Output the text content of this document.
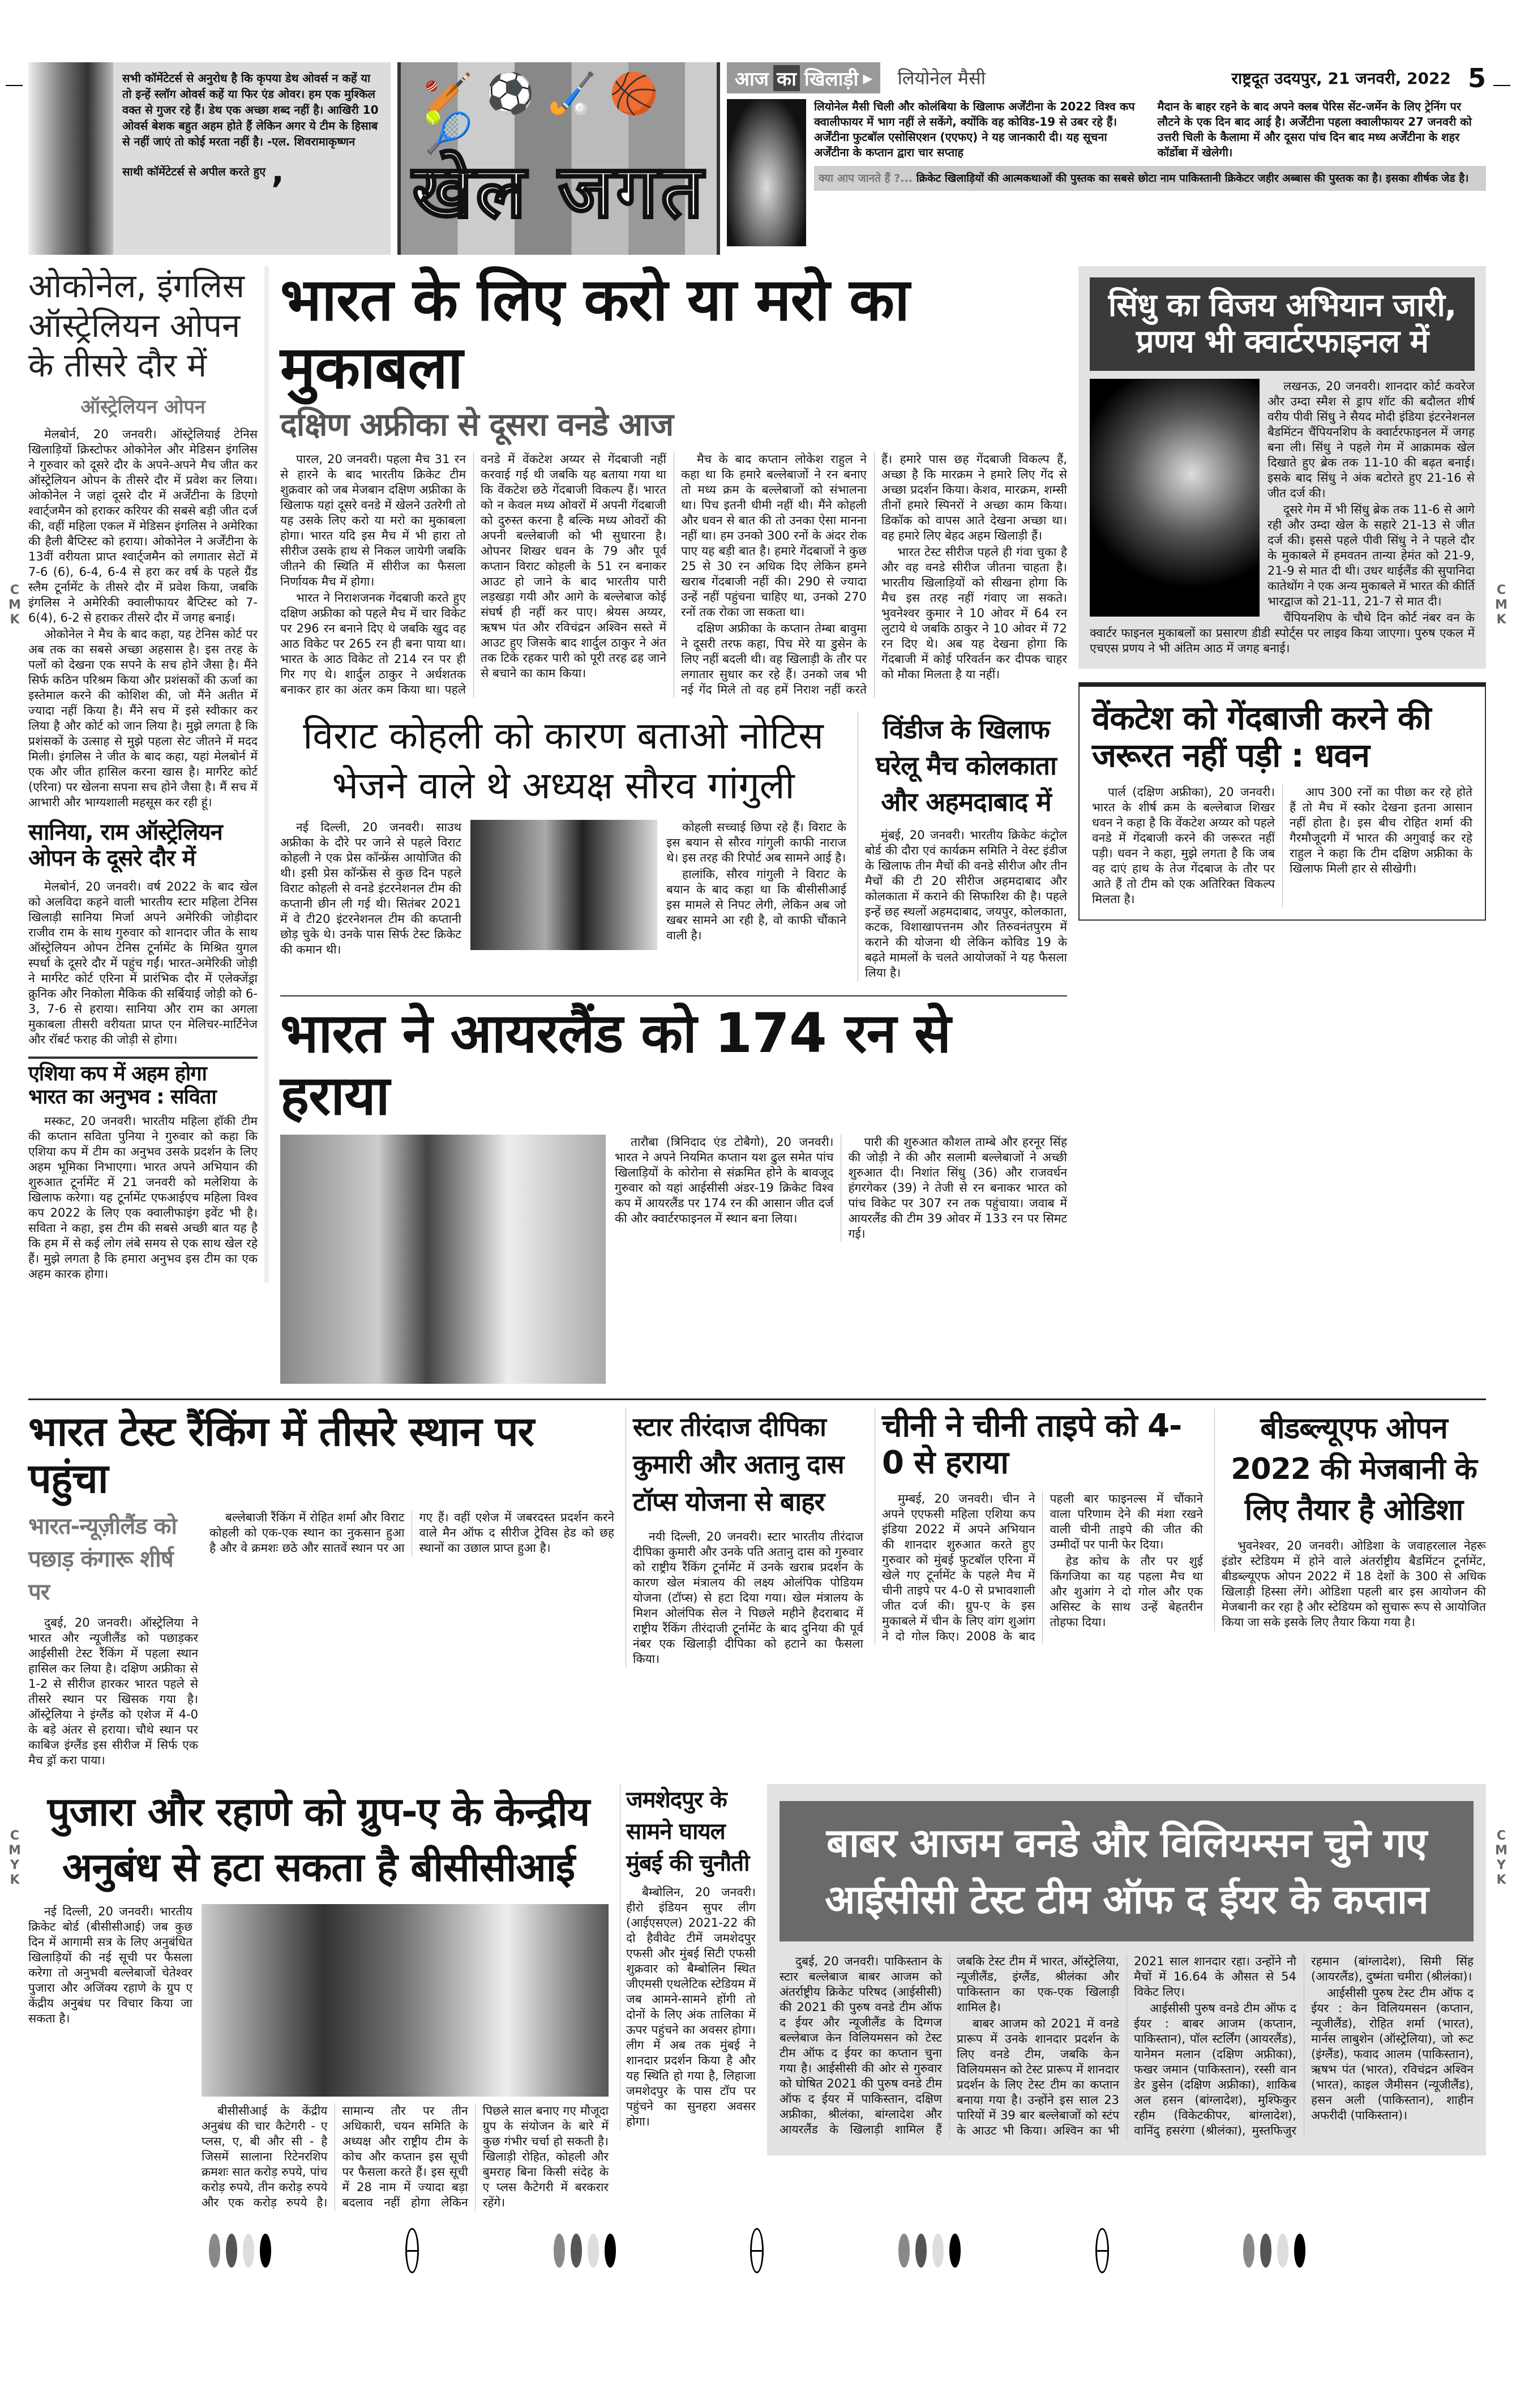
C
M
K
C
M
K
C
M
Y
K
C
M
Y
K
सभी कॉमेंटेटर्स से अनुरोध है कि कृपया डेथ ओवर्स न कहें या तो इन्हें स्लॉग ओवर्स कहें या फिर एंड ओवर। हम एक मुश्किल वक्त से गुजर रहे हैं। डेथ एक अच्छा शब्द नहीं है। आखिरी 10 ओवर्स बेशक बहुत अहम होते हैं लेकिन अगर ये टीम के हिसाब से नहीं जाएं तो कोई मरता नहीं है। -एल. शिवरामाकृष्णन
साथी कॉमेंटेटर्स से अपील करते हुए ,
🏏 ⚽ 🏑 🏀 🎾
खेल जगत
आज का खिलाड़ी ▸ लियोनेल मैसी	राष्ट्रदूत उदयपुर, 21 जनवरी, 2022 5
लियोनेल मैसी चिली और कोलंबिया के खिलाफ अर्जेंटीना के 2022 विश्व कप क्वालीफायर में भाग नहीं ले सकेंगे, क्योंकि वह कोविड-19 से उबर रहे हैं। अर्जेंटीना फुटबॉल एसोसिएशन (एएफए) ने यह जानकारी दी। यह सूचना अर्जेंटीना के कप्तान द्वारा चार सप्ताह
मैदान के बाहर रहने के बाद अपने क्लब पेरिस सेंट-जर्मेन के लिए ट्रेनिंग पर लौटने के एक दिन बाद आई है। अर्जेंटीना पहला क्वालीफायर 27 जनवरी को उत्तरी चिली के कैलामा में और दूसरा पांच दिन बाद मध्य अर्जेंटीना के शहर कॉर्डोबा में खेलेगी।
क्या आप जानते हैं ?... क्रिकेट खिलाड़ियों की आत्मकथाओं की पुस्तक का सबसे छोटा नाम पाकिस्तानी क्रिकेटर जहीर अब्बास की पुस्तक का है। इसका शीर्षक जेड है।
ओकोनेल, इंगलिस ऑस्ट्रेलियन ओपन के तीसरे दौर में
ऑस्ट्रेलियन ओपन

मेलबोर्न, 20 जनवरी। ऑस्ट्रेलियाई टेनिस खिलाड़ियों क्रिस्टोफर ओकोनेल और मेडिसन इंगलिस ने गुरुवार को दूसरे दौर के अपने-अपने मैच जीत कर ऑस्ट्रेलियन ओपन के तीसरे दौर में प्रवेश कर लिया। ओकोनेल ने जहां दूसरे दौर में अर्जेंटीना के डिएगो श्वार्ट्जमैन को हराकर करियर की सबसे बड़ी जीत दर्ज की, वहीं महिला एकल में मेडिसन इंगलिस ने अमेरिका की हैली बैप्टिस्ट को हराया। ओकोनेल ने अर्जेंटीना के 13वीं वरीयता प्राप्त श्वार्ट्जमैन को लगातार सेटों में 7-6 (6), 6-4, 6-4 से हरा कर वर्ष के पहले ग्रैंड स्लैम टूर्नामेंट के तीसरे दौर में प्रवेश किया, जबकि इंगलिस ने अमेरिकी क्वालीफायर बैप्टिस्ट को 7-6(4), 6-2 से हराकर तीसरे दौर में जगह बनाई।

ओकोनेल ने मैच के बाद कहा, यह टेनिस कोर्ट पर अब तक का सबसे अच्छा अहसास है। इस तरह के पलों को देखना एक सपने के सच होने जैसा है। मैंने सिर्फ कठिन परिश्रम किया और प्रशंसकों की ऊर्जा का इस्तेमाल करने की कोशिश की, जो मैंने अतीत में ज्यादा नहीं किया है। मैंने सच में इसे स्वीकार कर लिया है और कोर्ट को जान लिया है। मुझे लगता है कि प्रशंसकों के उत्साह से मुझे पहला सेट जीतने में मदद मिली। इंगलिस ने जीत के बाद कहा, यहां मेलबोर्न में एक और जीत हासिल करना खास है। मार्गरेट कोर्ट (एरिना) पर खेलना सपना सच होने जैसा है। मैं सच में आभारी और भाग्यशाली महसूस कर रही हूं।

सानिया, राम ऑस्ट्रेलियन ओपन के दूसरे दौर में

मेलबोर्न, 20 जनवरी। वर्ष 2022 के बाद खेल को अलविदा कहने वाली भारतीय स्टार महिला टेनिस खिलाड़ी सानिया मिर्जा अपने अमेरिकी जोड़ीदार राजीव राम के साथ गुरुवार को शानदार जीत के साथ ऑस्ट्रेलियन ओपन टेनिस टूर्नामेंट के मिश्रित युगल स्पर्धा के दूसरे दौर में पहुंच गईं। भारत-अमेरिकी जोड़ी ने मार्गरेट कोर्ट एरिना में प्रारंभिक दौर में एलेक्जेंड्रा क्रुनिक और निकोला मैकिक की सर्बियाई जोड़ी को 6-3, 7-6 से हराया। सानिया और राम का अगला मुकाबला तीसरी वरीयता प्राप्त एन मेलिचर-मार्टिनेज और रॉबर्ट फराह की जोड़ी से होगा।

एशिया कप में अहम होगा
भारत का अनुभव : सविता

मस्कट, 20 जनवरी। भारतीय महिला हॉकी टीम की कप्तान सविता पुनिया ने गुरुवार को कहा कि एशिया कप में टीम का अनुभव उसके प्रदर्शन के लिए अहम भूमिका निभाएगा। भारत अपने अभियान की शुरुआत टूर्नामेंट में 21 जनवरी को मलेशिया के खिलाफ करेगा। यह टूर्नामेंट एफआईएच महिला विश्व कप 2022 के लिए एक क्वालीफाइंग इवेंट भी है। सविता ने कहा, इस टीम की सबसे अच्छी बात यह है कि हम में से कई लोग लंबे समय से एक साथ खेल रहे हैं। मुझे लगता है कि हमारा अनुभव इस टीम का एक अहम कारक होगा।

भारत के लिए करो या मरो का मुकाबला
दक्षिण अफ्रीका से दूसरा वनडे आज

पारल, 20 जनवरी। पहला मैच 31 रन से हारने के बाद भारतीय क्रिकेट टीम शुक्रवार को जब मेजबान दक्षिण अफ्रीका के खिलाफ यहां दूसरे वनडे में खेलने उतरेगी तो यह उसके लिए करो या मरो का मुकाबला होगा। भारत यदि इस मैच में भी हारा तो सीरीज उसके हाथ से निकल जायेगी जबकि जीतने की स्थिति में सीरीज का फैसला निर्णायक मैच में होगा।

भारत ने निराशजनक गेंदबाजी करते हुए दक्षिण अफ्रीका को पहले मैच में चार विकेट पर 296 रन बनाने दिए थे जबकि खुद वह आठ विकेट पर 265 रन ही बना पाया था। भारत के आठ विकेट तो 214 रन पर ही गिर गए थे। शार्दुल ठाकुर ने अर्धशतक बनाकर हार का अंतर कम किया था। पहले वनडे में वेंकटेश अय्यर से गेंदबाजी नहीं करवाई गई थी जबकि यह बताया गया था कि वेंकटेश छठे गेंदबाजी विकल्प हैं। भारत को न केवल मध्य ओवरों में अपनी गेंदबाजी को दुरुस्त करना है बल्कि मध्य ओवरों की अपनी बल्लेबाजी को भी सुधारना है। ओपनर शिखर धवन के 79 और पूर्व कप्तान विराट कोहली के 51 रन बनाकर आउट हो जाने के बाद भारतीय पारी लड़खड़ा गयी और आगे के बल्लेबाज कोई संघर्ष ही नहीं कर पाए। श्रेयस अय्यर, ऋषभ पंत और रविचंद्रन अश्विन सस्ते में आउट हुए जिसके बाद शार्दुल ठाकुर ने अंत तक टिके रहकर पारी को पूरी तरह ढह जाने से बचाने का काम किया।

मैच के बाद कप्तान लोकेश राहुल ने कहा था कि हमारे बल्लेबाजों ने रन बनाए तो मध्य क्रम के बल्लेबाजों को संभालना था। पिच इतनी धीमी नहीं थी। मैंने कोहली और धवन से बात की तो उनका ऐसा मानना नहीं था। हम उनको 300 रनों के अंदर रोक पाए यह बड़ी बात है। हमारे गेंदबाजों ने कुछ 25 से 30 रन अधिक दिए लेकिन हमने खराब गेंदबाजी नहीं की। 290 से ज्यादा उन्हें नहीं पहुंचना चाहिए था, उनको 270 रनों तक रोका जा सकता था।

दक्षिण अफ्रीका के कप्तान तेम्बा बावुमा ने दूसरी तरफ कहा, पिच मेरे या डुसेन के लिए नहीं बदली थी। वह खिलाड़ी के तौर पर लगातार सुधार कर रहे हैं। उनको जब भी नई गेंद मिले तो वह हमें निराश नहीं करते हैं। हमारे पास छह गेंदबाजी विकल्प हैं, अच्छा है कि मारक्रम ने हमारे लिए गेंद से अच्छा प्रदर्शन किया। केशव, मारक्रम, शम्सी तीनों हमारे स्पिनरों ने अच्छा काम किया। डिकॉक को वापस आते देखना अच्छा था। वह हमारे लिए बेहद अहम खिलाड़ी हैं।

भारत टेस्ट सीरीज पहले ही गंवा चुका है और वह वनडे सीरीज जीतना चाहता है। भारतीय खिलाड़ियों को सीखना होगा कि मैच इस तरह नहीं गंवाए जा सकते। भुवनेश्वर कुमार ने 10 ओवर में 64 रन लुटाये थे जबकि ठाकुर ने 10 ओवर में 72 रन दिए थे। अब यह देखना होगा कि गेंदबाजी में कोई परिवर्तन कर दीपक चाहर को मौका मिलता है या नहीं।

विराट कोहली को कारण बताओ नोटिस भेजने वाले थे अध्यक्ष सौरव गांगुली

नई दिल्ली, 20 जनवरी। साउथ अफ्रीका के दौरे पर जाने से पहले विराट कोहली ने एक प्रेस कॉन्फ्रेंस आयोजित की थी। इसी प्रेस कॉन्फ्रेंस से कुछ दिन पहले विराट कोहली से वनडे इंटरनेशनल टीम की कप्तानी छीन ली गई थी। सितंबर 2021 में वे टी20 इंटरनेशनल टीम की कप्तानी छोड़ चुके थे। उनके पास सिर्फ टेस्ट क्रिकेट की कमान थी।

कोहली सच्चाई छिपा रहे हैं। विराट के इस बयान से सौरव गांगुली काफी नाराज थे। इस तरह की रिपोर्ट अब सामने आई है।

हालांकि, सौरव गांगुली ने विराट के बयान के बाद कहा था कि बीसीसीआई इस मामले से निपट लेगी, लेकिन अब जो खबर सामने आ रही है, वो काफी चौंकाने वाली है।

विंडीज के खिलाफ घरेलू मैच कोलकाता और अहमदाबाद में

मुंबई, 20 जनवरी। भारतीय क्रिकेट कंट्रोल बोर्ड की दौरा एवं कार्यक्रम समिति ने वेस्ट इंडीज के खिलाफ तीन मैचों की वनडे सीरीज और तीन मैचों की टी 20 सीरीज अहमदाबाद और कोलकाता में कराने की सिफारिश की है। पहले इन्हें छह स्थलों अहमदाबाद, जयपुर, कोलकाता, कटक, विशाखापत्तनम और तिरुवनंतपुरम में कराने की योजना थी लेकिन कोविड 19 के बढ़ते मामलों के चलते आयोजकों ने यह फैसला लिया है।

भारत ने आयरलैंड को 174 रन से हराया

तारौबा (त्रिनिदाद एंड टोबैगो), 20 जनवरी। भारत ने अपने नियमित कप्तान यश ढुल समेत पांच खिलाड़ियों के कोरोना से संक्रमित होने के बावजूद गुरुवार को यहां आईसीसी अंडर-19 क्रिकेट विश्व कप में आयरलैंड पर 174 रन की आसान जीत दर्ज की और क्वार्टरफाइनल में स्थान बना लिया।

पारी की शुरुआत कौशल ताम्बे और हरनूर सिंह की जोड़ी ने की और सलामी बल्लेबाजों ने अच्छी शुरुआत दी। निशांत सिंधु (36) और राजवर्धन हंगरगेकर (39) ने तेजी से रन बनाकर भारत को पांच विकेट पर 307 रन तक पहुंचाया। जवाब में आयरलैंड की टीम 39 ओवर में 133 रन पर सिमट गई।

सिंधु का विजय अभियान जारी, प्रणय भी क्वार्टरफाइनल में

लखनऊ, 20 जनवरी। शानदार कोर्ट कवरेज और उम्दा स्मैश से ड्राप शॉट की बदौलत शीर्ष वरीय पीवी सिंधु ने सैयद मोदी इंडिया इंटरनेशनल बैडमिंटन चैंपियनशिप के क्वार्टरफाइनल में जगह बना ली। सिंधु ने पहले गेम में आक्रामक खेल दिखाते हुए ब्रेक तक 11-10 की बढ़त बनाई। इसके बाद सिंधु ने अंक बटोरते हुए 21-16 से जीत दर्ज की।

दूसरे गेम में भी सिंधु ब्रेक तक 11-6 से आगे रही और उम्दा खेल के सहारे 21-13 से जीत दर्ज की। इससे पहले पीवी सिंधु ने ने पहले दौर के मुकाबले में हमवतन तान्या हेमंत को 21-9, 21-9 से मात दी थी। उधर थाईलैंड की सुपानिदा कातेथोंग ने एक अन्य मुकाबले में भारत की कीर्ति भारद्वाज को 21-11, 21-7 से मात दी।

चैंपियनशिप के चौथे दिन कोर्ट नंबर वन के क्वार्टर फाइनल मुकाबलों का प्रसारण डीडी स्पोर्ट्स पर लाइव किया जाएगा। पुरुष एकल में एचएस प्रणय ने भी अंतिम आठ में जगह बनाई।

वेंकटेश को गेंदबाजी करने की जरूरत नहीं पड़ी : धवन

पार्ल (दक्षिण अफ्रीका), 20 जनवरी। भारत के शीर्ष क्रम के बल्लेबाज शिखर धवन ने कहा है कि वेंकटेश अय्यर को पहले वनडे में गेंदबाजी करने की जरूरत नहीं पड़ी। धवन ने कहा, मुझे लगता है कि जब वह दाएं हाथ के तेज गेंदबाज के तौर पर आते हैं तो टीम को एक अतिरिक्त विकल्प मिलता है।

आप 300 रनों का पीछा कर रहे होते हैं तो मैच में स्कोर देखना इतना आसान नहीं होता है। इस बीच रोहित शर्मा की गैरमौजूदगी में भारत की अगुवाई कर रहे राहुल ने कहा कि टीम दक्षिण अफ्रीका के खिलाफ मिली हार से सीखेगी।

भारत टेस्ट रैंकिंग में तीसरे स्थान पर पहुंचा
भारत-न्यूज़ीलैंड को पछाड़ कंगारू शीर्ष पर

दुबई, 20 जनवरी। ऑस्ट्रेलिया ने भारत और न्यूजीलैंड को पछाड़कर आईसीसी टेस्ट रैंकिंग में पहला स्थान हासिल कर लिया है। दक्षिण अफ्रीका से 1-2 से सीरीज हारकर भारत पहले से तीसरे स्थान पर खिसक गया है। ऑस्ट्रेलिया ने इंग्लैंड को एशेज में 4-0 के बड़े अंतर से हराया। चौथे स्थान पर काबिज इंग्लैंड इस सीरीज में सिर्फ एक मैच ड्रॉ करा पाया।

बल्लेबाजी रैंकिंग में रोहित शर्मा और विराट कोहली को एक-एक स्थान का नुकसान हुआ है और वे क्रमशः छठे और सातवें स्थान पर आ गए हैं। वहीं एशेज में जबरदस्त प्रदर्शन करने वाले मैन ऑफ द सीरीज ट्रेविस हेड को छह स्थानों का उछाल प्राप्त हुआ है।

स्टार तीरंदाज दीपिका कुमारी और अतानु दास टॉप्स योजना से बाहर

नयी दिल्ली, 20 जनवरी। स्टार भारतीय तीरंदाज दीपिका कुमारी और उनके पति अतानु दास को गुरुवार को राष्ट्रीय रैंकिंग टूर्नामेंट में उनके खराब प्रदर्शन के कारण खेल मंत्रालय की लक्ष्य ओलंपिक पोडियम योजना (टॉप्स) से हटा दिया गया। खेल मंत्रालय के मिशन ओलंपिक सेल ने पिछले महीने हैदराबाद में राष्ट्रीय रैंकिंग तीरंदाजी टूर्नामेंट के बाद दुनिया की पूर्व नंबर एक खिलाड़ी दीपिका को हटाने का फैसला किया।

चीनी ने चीनी ताइपे को 4-0 से हराया

मुम्बई, 20 जनवरी। चीन ने अपने एएफसी महिला एशिया कप इंडिया 2022 में अपने अभियान की शानदार शुरुआत करते हुए गुरुवार को मुंबई फुटबॉल एरिना में खेले गए टूर्नामेंट के पहले मैच में चीनी ताइपे पर 4-0 से प्रभावशाली जीत दर्ज की। ग्रुप-ए के इस मुकाबले में चीन के लिए वांग शुआंग ने दो गोल किए। 2008 के बाद पहली बार फाइनल्स में चौंकाने वाला परिणाम देने की मंशा रखने वाली चीनी ताइपे की जीत की उम्मीदों पर पानी फेर दिया।

हेड कोच के तौर पर शुई किंगजिया का यह पहला मैच था और शुआंग ने दो गोल और एक असिस्ट के साथ उन्हें बेहतरीन तोहफा दिया।

बीडब्ल्यूएफ ओपन 2022 की मेजबानी के लिए तैयार है ओडिशा

भुवनेश्वर, 20 जनवरी। ओडिशा के जवाहरलाल नेहरू इंडोर स्टेडियम में होने वाले अंतर्राष्ट्रीय बैडमिंटन टूर्नामेंट, बीडब्ल्यूएफ ओपन 2022 में 18 देशों के 300 से अधिक खिलाड़ी हिस्सा लेंगे। ओडिशा पहली बार इस आयोजन की मेजबानी कर रहा है और स्टेडियम को सुचारू रूप से आयोजित किया जा सके इसके लिए तैयार किया गया है।

पुजारा और रहाणे को ग्रुप-ए के केन्द्रीय अनुबंध से हटा सकता है बीसीसीआई

नई दिल्ली, 20 जनवरी। भारतीय क्रिकेट बोर्ड (बीसीसीआई) जब कुछ दिन में आगामी सत्र के लिए अनुबंधित खिलाड़ियों की नई सूची पर फैसला करेगा तो अनुभवी बल्लेबाजों चेतेश्वर पुजारा और अजिंक्य रहाणे के ग्रुप ए केंद्रीय अनुबंध पर विचार किया जा सकता है।

बीसीसीआई के केंद्रीय अनुबंध की चार कैटेगरी - ए प्लस, ए, बी और सी - है जिसमें सालाना रिटेनरशिप क्रमशः सात करोड़ रुपये, पांच करोड़ रुपये, तीन करोड़ रुपये और एक करोड़ रुपये है। सामान्य तौर पर तीन अधिकारी, चयन समिति के अध्यक्ष और राष्ट्रीय टीम के कोच और कप्तान इस सूची पर फैसला करते हैं। इस सूची में 28 नाम में ज्यादा बड़ा बदलाव नहीं होगा लेकिन पिछले साल बनाए गए मौजूदा ग्रुप के संयोजन के बारे में कुछ गंभीर चर्चा हो सकती है। खिलाड़ी रोहित, कोहली और बुमराह बिना किसी संदेह के ए प्लस कैटेगरी में बरकरार रहेंगे।

जमशेदपुर के सामने घायल मुंबई की चुनौती

बैम्बोलिन, 20 जनवरी। हीरो इंडियन सुपर लीग (आईएसएल) 2021-22 की दो हैवीवेट टीमें जमशेदपुर एफसी और मुंबई सिटी एफसी शुक्रवार को बैम्बोलिन स्थित जीएमसी एथलेटिक स्टेडियम में जब आमने-सामने होंगी तो दोनों के लिए अंक तालिका में ऊपर पहुंचने का अवसर होगा। लीग में अब तक मुंबई ने शानदार प्रदर्शन किया है और यह स्थिति हो गया है, लिहाजा जमशेदपुर के पास टॉप पर पहुंचने का सुनहरा अवसर होगा।

बाबर आजम वनडे और विलियम्सन चुने गए आईसीसी टेस्ट टीम ऑफ द ईयर के कप्तान

दुबई, 20 जनवरी। पाकिस्तान के स्टार बल्लेबाज बाबर आजम को अंतर्राष्ट्रीय क्रिकेट परिषद (आईसीसी) की 2021 की पुरुष वनडे टीम ऑफ द ईयर और न्यूजीलैंड के दिग्गज बल्लेबाज केन विलियमसन को टेस्ट टीम ऑफ द ईयर का कप्तान चुना गया है। आईसीसी की ओर से गुरुवार को घोषित 2021 की पुरुष वनडे टीम ऑफ द ईयर में पाकिस्तान, दक्षिण अफ्रीका, श्रीलंका, बांग्लादेश और आयरलैंड के खिलाड़ी शामिल हैं जबकि टेस्ट टीम में भारत, ऑस्ट्रेलिया, न्यूजीलैंड, इंग्लैंड, श्रीलंका और पाकिस्तान का एक-एक खिलाड़ी शामिल है।

बाबर आजम को 2021 में वनडे प्रारूप में उनके शानदार प्रदर्शन के लिए वनडे टीम, जबकि केन विलियमसन को टेस्ट प्रारूप में शानदार प्रदर्शन के लिए टेस्ट टीम का कप्तान बनाया गया है। उन्होंने इस साल 23 पारियों में 39 बार बल्लेबाजों को स्टंप के आउट भी किया। अश्विन का भी 2021 साल शानदार रहा। उन्होंने नौ मैचों में 16.64 के औसत से 54 विकेट लिए।

आईसीसी पुरुष वनडे टीम ऑफ द ईयर : बाबर आजम (कप्तान, पाकिस्तान), पॉल स्टर्लिंग (आयरलैंड), यानेमन मलान (दक्षिण अफ्रीका), फखर जमान (पाकिस्तान), रस्सी वान डेर डुसेन (दक्षिण अफ्रीका), शाकिब अल हसन (बांग्लादेश), मुश्फिकुर रहीम (विकेटकीपर, बांग्लादेश), वानिंदु हसरंगा (श्रीलंका), मुस्तफिजुर रहमान (बांग्लादेश), सिमी सिंह (आयरलैंड), दुष्मंता चमीरा (श्रीलंका)।

आईसीसी पुरुष टेस्ट टीम ऑफ द ईयर : केन विलियमसन (कप्तान, न्यूजीलैंड), रोहित शर्मा (भारत), मार्नस लाबुशेन (ऑस्ट्रेलिया), जो रूट (इंग्लैंड), फवाद आलम (पाकिस्तान), ऋषभ पंत (भारत), रविचंद्रन अश्विन (भारत), काइल जैमीसन (न्यूजीलैंड), हसन अली (पाकिस्तान), शाहीन अफरीदी (पाकिस्तान)।
